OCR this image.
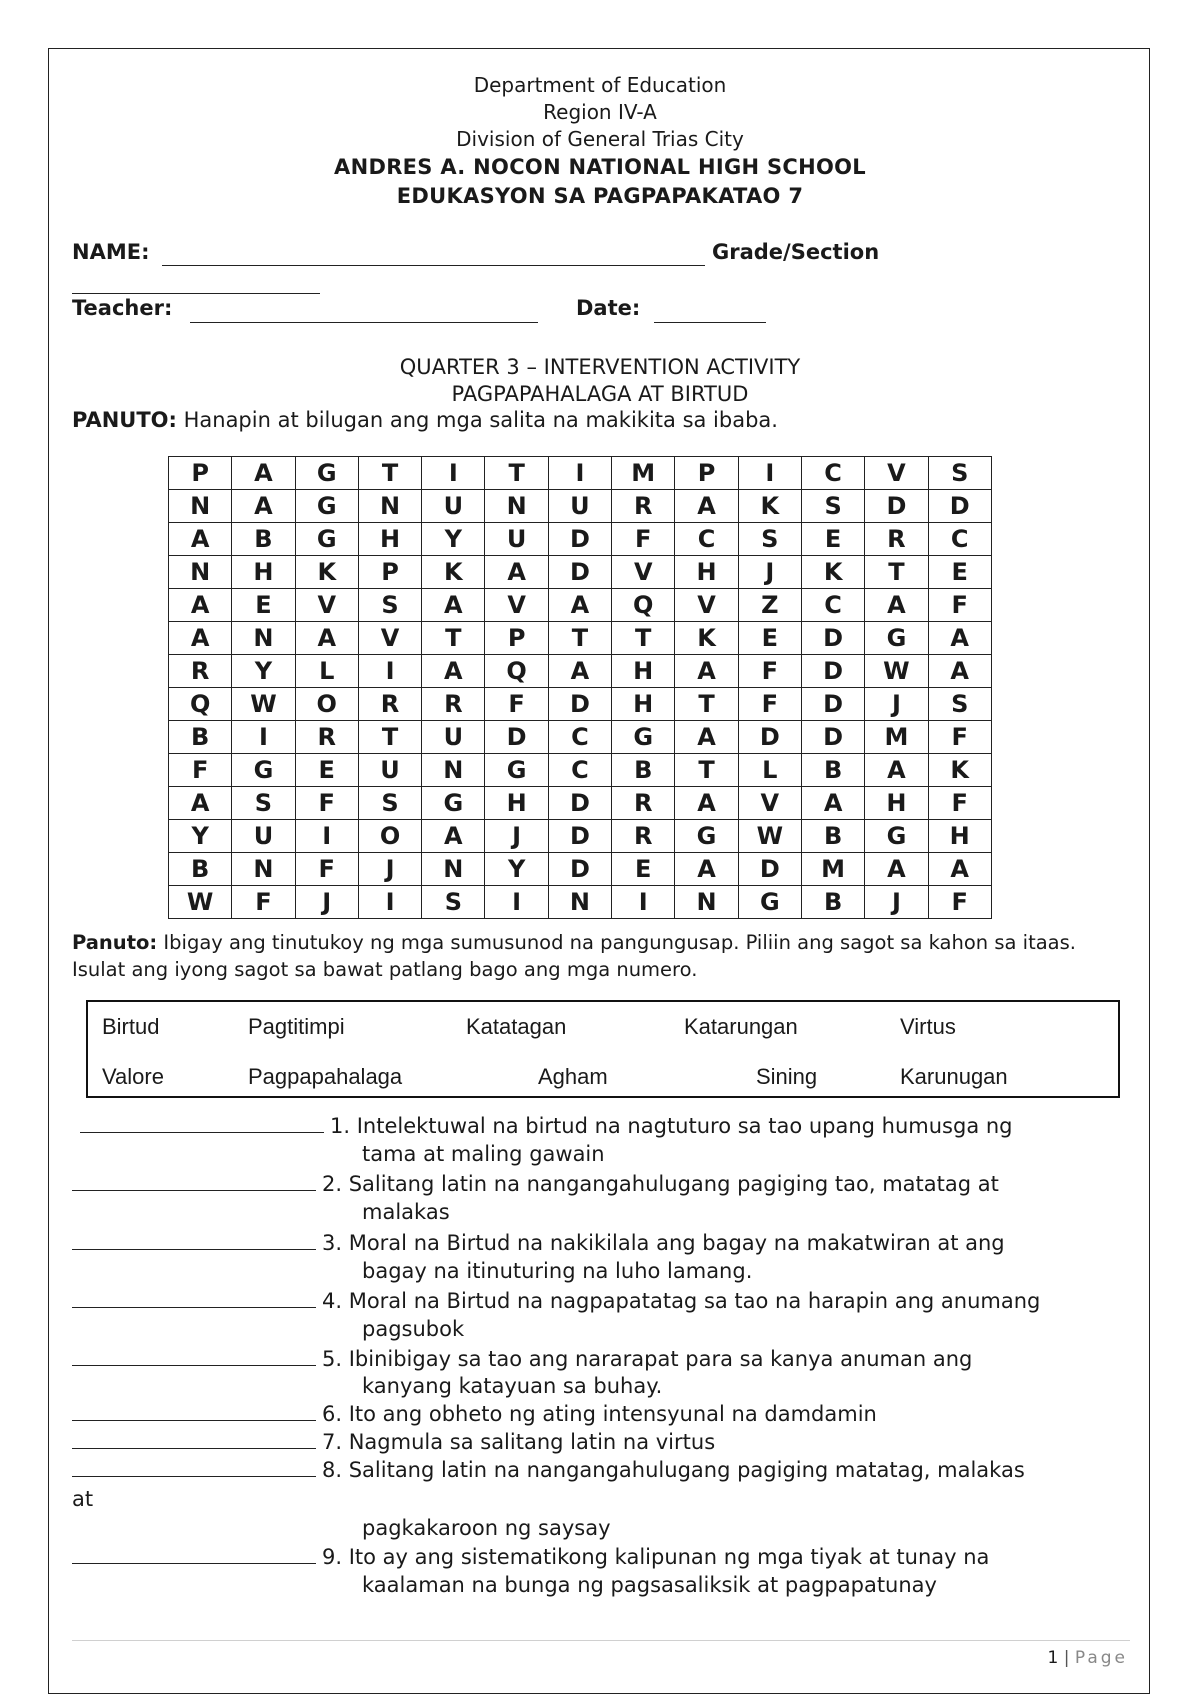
Department of Education
Region IV-A
Division of General Trias City
ANDRES A. NOCON NATIONAL HIGH SCHOOL
EDUKASYON SA PAGPAPAKATAO 7
NAME:	Grade/Section
Teacher:	Date:
QUARTER 3 – INTERVENTION ACTIVITY
PAGPAPAHALAGA AT BIRTUD
PANUTO: Hanapin at bilugan ang mga salita na makikita sa ibaba.
P	A	G	T	I	T	I	M	P	I	C	V	S
N	A	G	N	U	N	U	R	A	K	S	D	D
A	B	G	H	Y	U	D	F	C	S	E	R	C
N	H	K	P	K	A	D	V	H	J	K	T	E
A	E	V	S	A	V	A	Q	V	Z	C	A	F
A	N	A	V	T	P	T	T	K	E	D	G	A
R	Y	L	I	A	Q	A	H	A	F	D	W	A
Q	W	O	R	R	F	D	H	T	F	D	J	S
B	I	R	T	U	D	C	G	A	D	D	M	F
F	G	E	U	N	G	C	B	T	L	B	A	K
A	S	F	S	G	H	D	R	A	V	A	H	F
Y	U	I	O	A	J	D	R	G	W	B	G	H
B	N	F	J	N	Y	D	E	A	D	M	A	A
W	F	J	I	S	I	N	I	N	G	B	J	F
Panuto: Ibigay ang tinutukoy ng mga sumusunod na pangungusap. Piliin ang sagot sa kahon sa itaas. Isulat ang iyong sagot sa bawat patlang bago ang mga numero.
Birtud	Pagtitimpi	Katatagan	Katarungan	Virtus
Valore	Pagpapahalaga	Agham	Sining	Karunugan
1. Intelektuwal na birtud na nagtuturo sa tao upang humusga ng
tama at maling gawain
2. Salitang latin na nangangahulugang pagiging tao, matatag at
malakas
3. Moral na Birtud na nakikilala ang bagay na makatwiran at ang
bagay na itinuturing na luho lamang.
4. Moral na Birtud na nagpapatatag sa tao na harapin ang anumang
pagsubok
5. Ibinibigay sa tao ang nararapat para sa kanya anuman ang
kanyang katayuan sa buhay.
6. Ito ang obheto ng ating intensyunal na damdamin
7. Nagmula sa salitang latin na virtus
8. Salitang latin na nangangahulugang pagiging matatag, malakas
at
pagkakaroon ng saysay
9. Ito ay ang sistematikong kalipunan ng mga tiyak at tunay na
kaalaman na bunga ng pagsasaliksik at pagpapatunay
1 | Page
